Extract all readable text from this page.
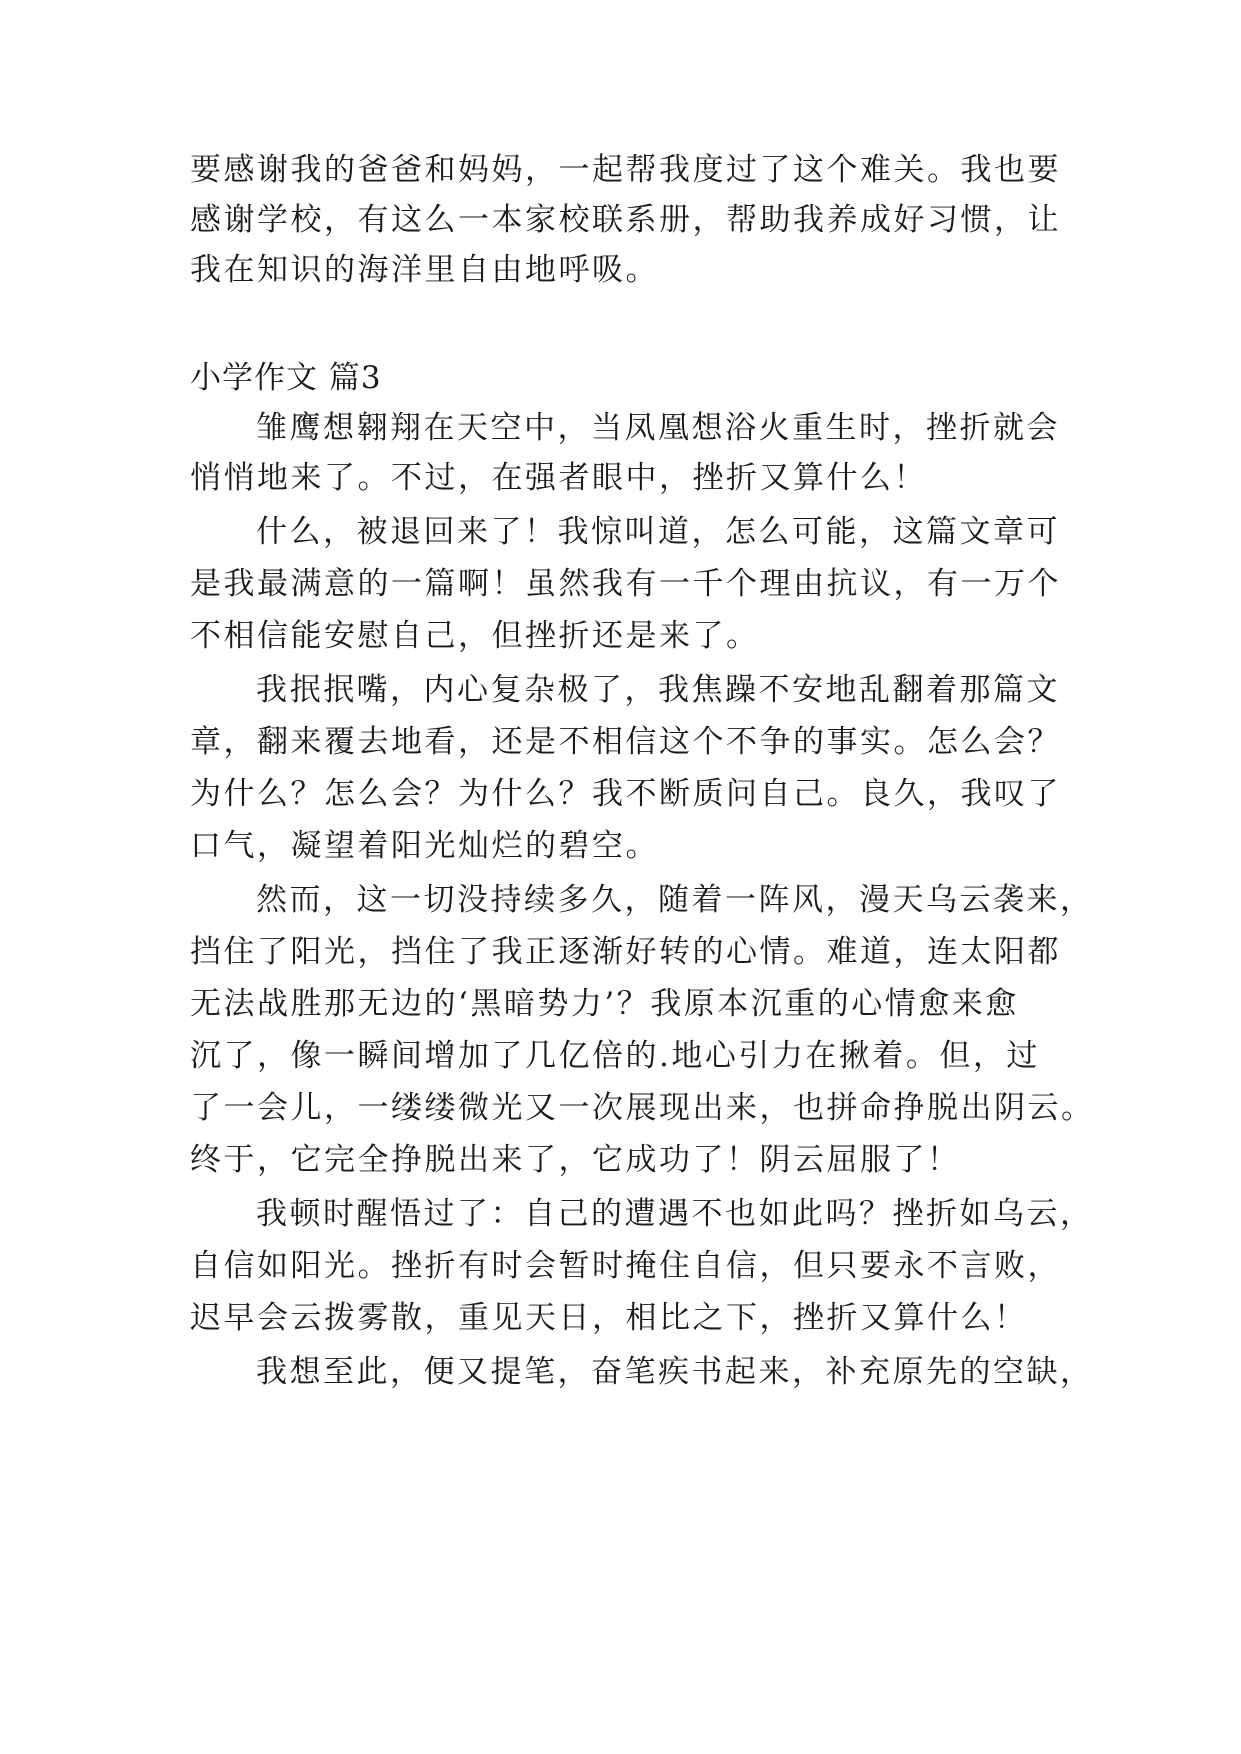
要感谢我的爸爸和妈妈，一起帮我度过了这个难关。我也要
感谢学校，有这么一本家校联系册，帮助我养成好习惯，让
我在知识的海洋里自由地呼吸。
小学作文 篇3
雏鹰想翱翔在天空中，当凤凰想浴火重生时，挫折就会
悄悄地来了。不过，在强者眼中，挫折又算什么！
什么，被退回来了！我惊叫道，怎么可能，这篇文章可
是我最满意的一篇啊！虽然我有一千个理由抗议，有一万个
不相信能安慰自己，但挫折还是来了。
我抿抿嘴，内心复杂极了，我焦躁不安地乱翻着那篇文
章，翻来覆去地看，还是不相信这个不争的事实。怎么会？
为什么？怎么会？为什么？我不断质问自己。良久，我叹了
口气，凝望着阳光灿烂的碧空。
然而，这一切没持续多久，随着一阵风，漫天乌云袭来，
挡住了阳光，挡住了我正逐渐好转的心情。难道，连太阳都
无法战胜那无边的‘黑暗势力’？我原本沉重的心情愈来愈
沉了，像一瞬间增加了几亿倍的.地心引力在揪着。但，过
了一会儿，一缕缕微光又一次展现出来，也拼命挣脱出阴云。
终于，它完全挣脱出来了，它成功了！阴云屈服了！
我顿时醒悟过了：自己的遭遇不也如此吗？挫折如乌云，
自信如阳光。挫折有时会暂时掩住自信，但只要永不言败，
迟早会云拨雾散，重见天日，相比之下，挫折又算什么！
我想至此，便又提笔，奋笔疾书起来，补充原先的空缺，
